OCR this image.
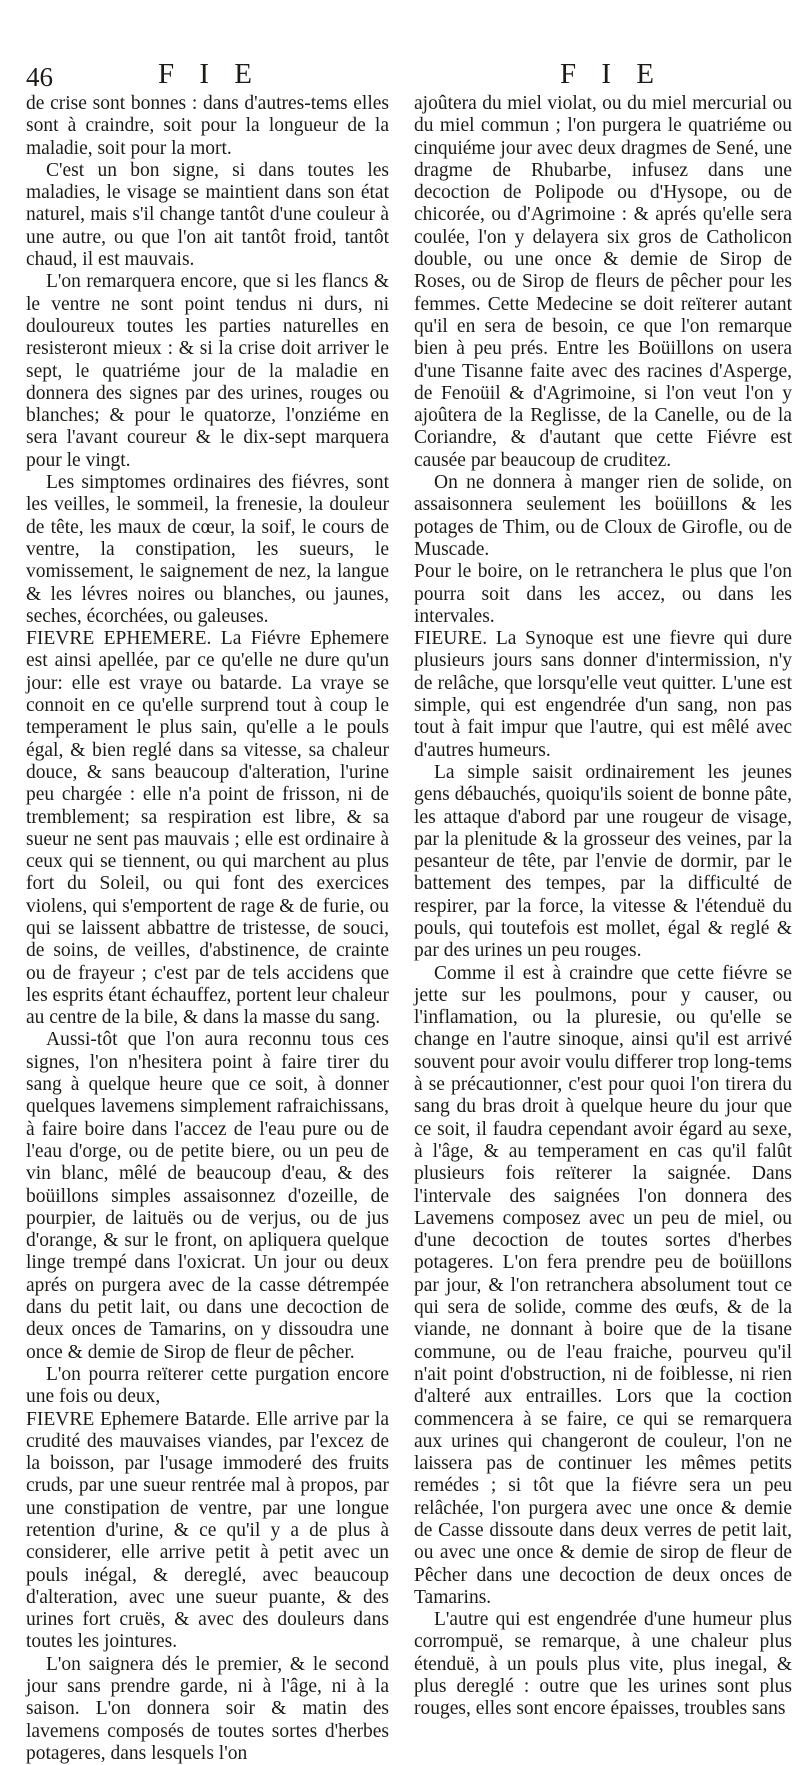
46	F I E	F I E

de crise sont bonnes : dans d'autres-tems elles sont à craindre, soit pour la longueur de la maladie, soit pour la mort.

C'est un bon signe, si dans toutes les maladies, le visage se maintient dans son état naturel, mais s'il change tantôt d'une couleur à une autre, ou que l'on ait tantôt froid, tantôt chaud, il est mauvais.

L'on remarquera encore, que si les flancs & le ventre ne sont point tendus ni durs, ni douloureux toutes les parties naturelles en resisteront mieux : & si la crise doit arriver le sept, le quatriéme jour de la maladie en donnera des signes par des urines, rouges ou blanches; & pour le quatorze, l'onziéme en sera l'avant coureur & le dix-sept marquera pour le vingt.

Les simptomes ordinaires des fiévres, sont les veilles, le sommeil, la frenesie, la douleur de tête, les maux de cœur, la soif, le cours de ventre, la constipation, les sueurs, le vomissement, le saignement de nez, la langue & les lévres noires ou blanches, ou jaunes, seches, écorchées, ou galeuses.

FIEVRE EPHEMERE. La Fiévre Ephemere est ainsi apellée, par ce qu'elle ne dure qu'un jour: elle est vraye ou batarde. La vraye se connoit en ce qu'elle surprend tout à coup le temperament le plus sain, qu'elle a le pouls égal, & bien reglé dans sa vitesse, sa chaleur douce, & sans beaucoup d'alteration, l'urine peu chargée : elle n'a point de frisson, ni de tremblement; sa respiration est libre, & sa sueur ne sent pas mauvais ; elle est ordinaire à ceux qui se tiennent, ou qui marchent au plus fort du Soleil, ou qui font des exercices violens, qui s'emportent de rage & de furie, ou qui se laissent abbattre de tristesse, de souci, de soins, de veilles, d'abstinence, de crainte ou de frayeur ; c'est par de tels accidens que les esprits étant échauffez, portent leur chaleur au centre de la bile, & dans la masse du sang.

Aussi-tôt que l'on aura reconnu tous ces signes, l'on n'hesitera point à faire tirer du sang à quelque heure que ce soit, à donner quelques lavemens simplement rafraichissans, à faire boire dans l'accez de l'eau pure ou de l'eau d'orge, ou de petite biere, ou un peu de vin blanc, mêlé de beaucoup d'eau, & des boüillons simples assaisonnez d'ozeille, de pourpier, de laituës ou de verjus, ou de jus d'orange, & sur le front, on apliquera quelque linge trempé dans l'oxicrat. Un jour ou deux aprés on purgera avec de la casse détrempée dans du petit lait, ou dans une decoction de deux onces de Tamarins, on y dissoudra une once & demie de Sirop de fleur de pêcher.

L'on pourra reïterer cette purgation encore une fois ou deux,

FIEVRE Ephemere Batarde. Elle arrive par la crudité des mauvaises viandes, par l'excez de la boisson, par l'usage immoderé des fruits cruds, par une sueur rentrée mal à propos, par une constipation de ventre, par une longue retention d'urine, & ce qu'il y a de plus à considerer, elle arrive petit à petit avec un pouls inégal, & dereglé, avec beaucoup d'alteration, avec une sueur puante, & des urines fort cruës, & avec des douleurs dans toutes les jointures.

L'on saignera dés le premier, & le second jour sans prendre garde, ni à l'âge, ni à la saison. L'on donnera soir & matin des lavemens composés de toutes sortes d'herbes potageres, dans lesquels l'on

ajoûtera du miel violat, ou du miel mercurial ou du miel commun ; l'on purgera le quatriéme ou cinquiéme jour avec deux dragmes de Sené, une dragme de Rhubarbe, infusez dans une decoction de Polipode ou d'Hysope, ou de chicorée, ou d'Agrimoine : & aprés qu'elle sera coulée, l'on y delayera six gros de Catholicon double, ou une once & demie de Sirop de Roses, ou de Sirop de fleurs de pêcher pour les femmes. Cette Medecine se doit reïterer autant qu'il en sera de besoin, ce que l'on remarque bien à peu prés. Entre les Boüillons on usera d'une Tisanne faite avec des racines d'Asperge, de Fenoüil & d'Agrimoine, si l'on veut l'on y ajoûtera de la Reglisse, de la Canelle, ou de la Coriandre, & d'autant que cette Fiévre est causée par beaucoup de cruditez.

On ne donnera à manger rien de solide, on assaisonnera seulement les boüillons & les potages de Thim, ou de Cloux de Girofle, ou de Muscade.

Pour le boire, on le retranchera le plus que l'on pourra soit dans les accez, ou dans les intervales.

FIEURE. La Synoque est une fievre qui dure plusieurs jours sans donner d'intermission, n'y de relâche, que lorsqu'elle veut quitter. L'une est simple, qui est engendrée d'un sang, non pas tout à fait impur que l'autre, qui est mêlé avec d'autres humeurs.

La simple saisit ordinairement les jeunes gens débauchés, quoiqu'ils soient de bonne pâte, les attaque d'abord par une rougeur de visage, par la plenitude & la grosseur des veines, par la pesanteur de tête, par l'envie de dormir, par le battement des tempes, par la difficulté de respirer, par la force, la vitesse & l'étenduë du pouls, qui toutefois est mollet, égal & reglé & par des urines un peu rouges.

Comme il est à craindre que cette fiévre se jette sur les poulmons, pour y causer, ou l'inflamation, ou la pluresie, ou qu'elle se change en l'autre sinoque, ainsi qu'il est arrivé souvent pour avoir voulu differer trop long-tems à se précautionner, c'est pour quoi l'on tirera du sang du bras droit à quelque heure du jour que ce soit, il faudra cependant avoir égard au sexe, à l'âge, & au temperament en cas qu'il falût plusieurs fois reïterer la saignée. Dans l'intervale des saignées l'on donnera des Lavemens composez avec un peu de miel, ou d'une decoction de toutes sortes d'herbes potageres. L'on fera prendre peu de boüillons par jour, & l'on retranchera absolument tout ce qui sera de solide, comme des œufs, & de la viande, ne donnant à boire que de la tisane commune, ou de l'eau fraiche, pourveu qu'il n'ait point d'obstruction, ni de foiblesse, ni rien d'alteré aux entrailles. Lors que la coction commencera à se faire, ce qui se remarquera aux urines qui changeront de couleur, l'on ne laissera pas de continuer les mêmes petits remédes ; si tôt que la fiévre sera un peu relâchée, l'on purgera avec une once & demie de Casse dissoute dans deux verres de petit lait, ou avec une once & demie de sirop de fleur de Pêcher dans une decoction de deux onces de Tamarins.

L'autre qui est engendrée d'une humeur plus corrompuë, se remarque, à une chaleur plus étenduë, à un pouls plus vite, plus inegal, & plus dereglé : outre que les urines sont plus rouges, elles sont encore épaisses, troubles sans
